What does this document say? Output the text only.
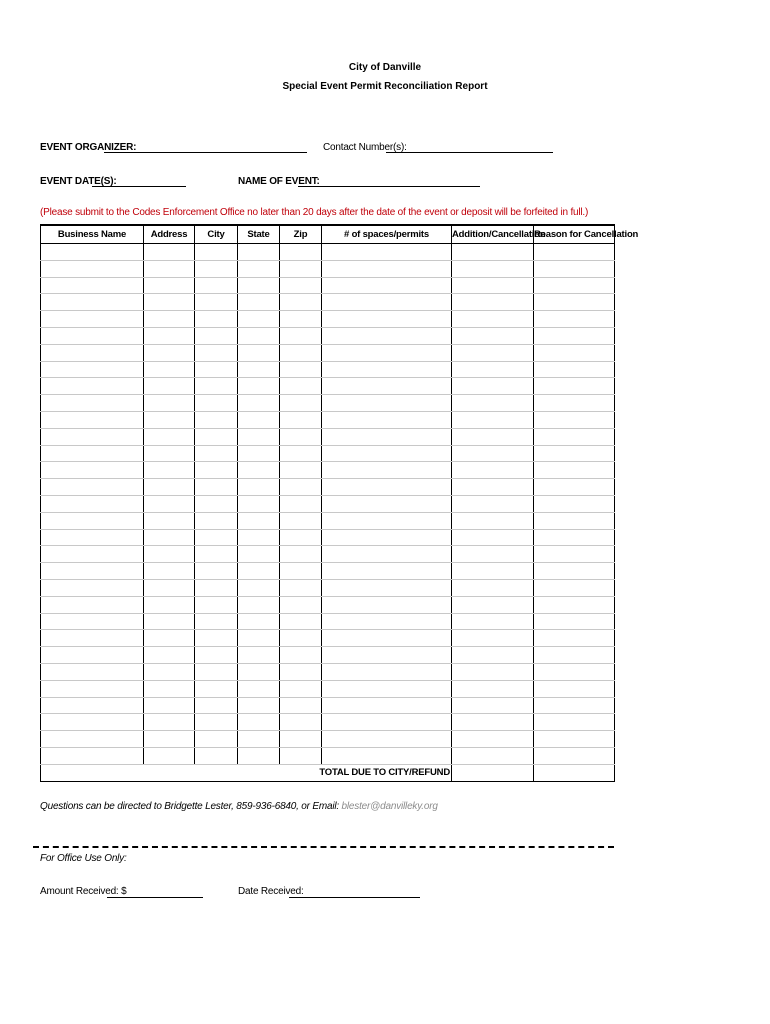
City of Danville
Special Event Permit Reconciliation Report
EVENT ORGANIZER:	Contact Number(s):
EVENT DATE(S):	NAME OF EVENT:
(Please submit to the Codes Enforcement Office no later than 20 days after the date of the event or deposit will be forfeited in full.)
Business Name	Address	City	State	Zip	# of spaces/permits	Addition/Cancellation	Reason for Cancellation

TOTAL DUE TO CITY/REFUND							
Questions can be directed to Bridgette Lester, 859-936-6840, or Email: blester@danvilleky.org
For Office Use Only:
Amount Received: $	Date Received:
